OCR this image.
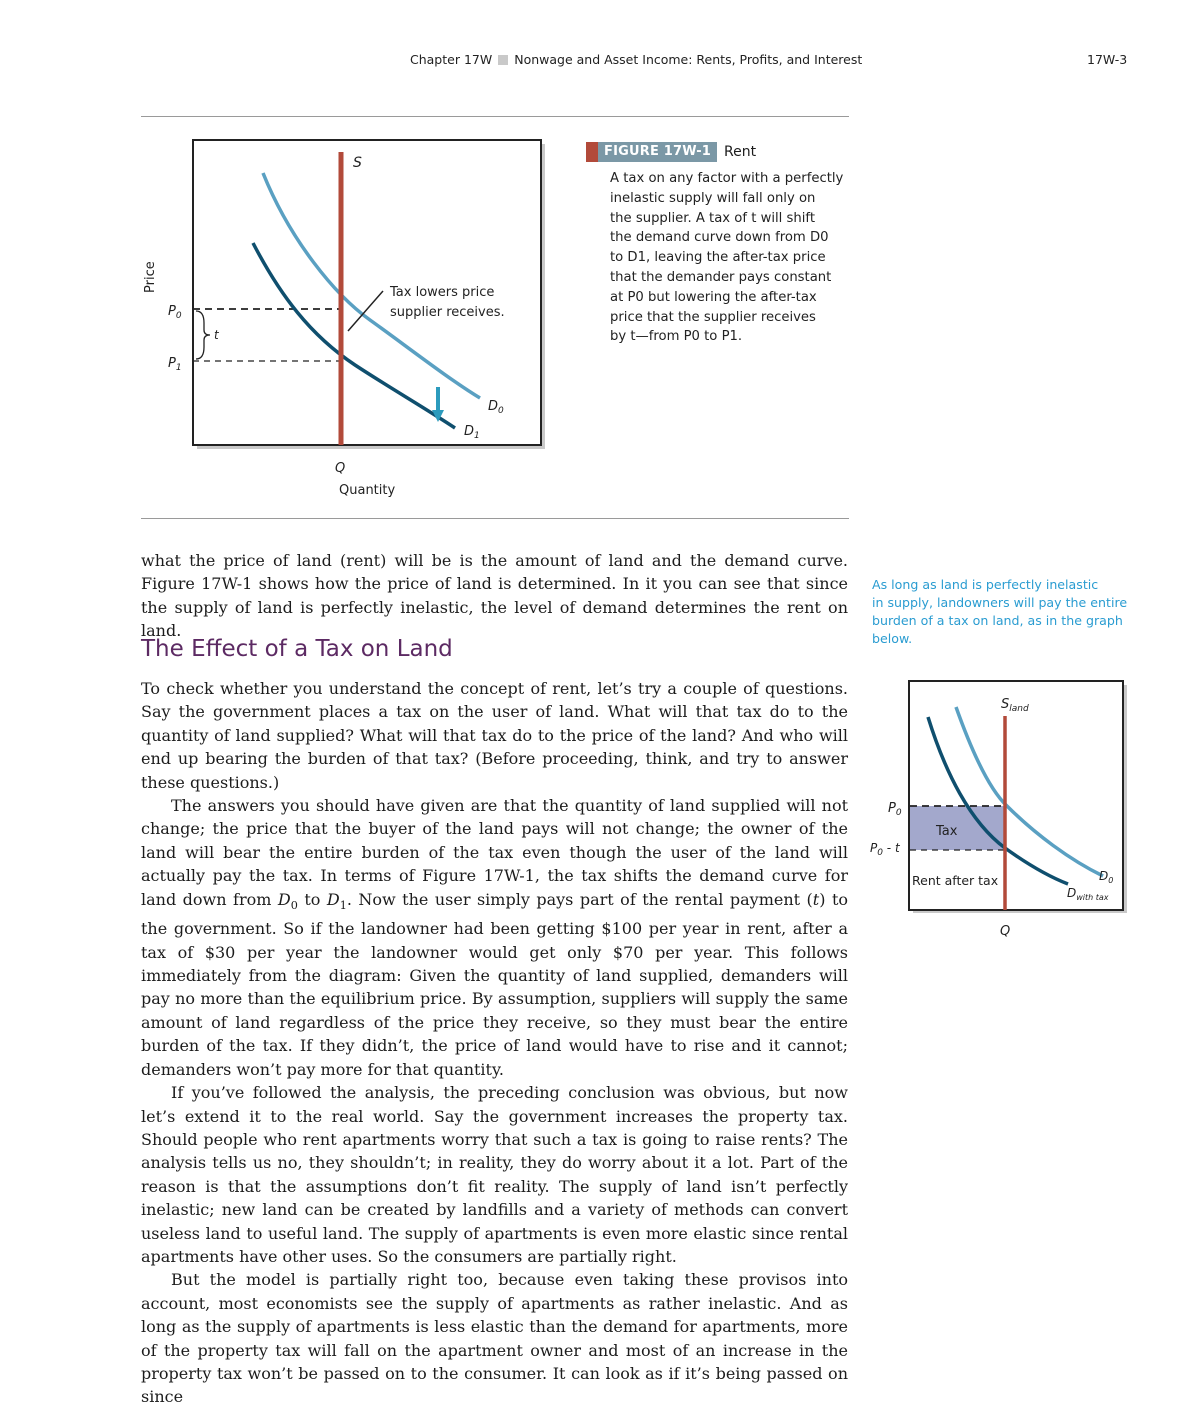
Chapter 17W Nonwage and Asset Income: Rents, Profits, and Interest	17W-3
S
Tax lowers price
supplier receives.
Price
$P_0$
$P_1$
t
$D_0$
$D_1$
Q
Quantity
FIGURE 17W-1 Rent
A tax on any factor with a perfectly
inelastic supply will fall only on
the supplier. A tax of t will shift
the demand curve down from D0
to D1, leaving the after-tax price
that the demander pays constant
at P0 but lowering the after-tax
price that the supplier receives
by t—from P0 to P1.

what the price of land (rent) will be is the amount of land and the demand curve. Figure 17W-1 shows how the price of land is determined. In it you can see that since the supply of land is perfectly inelastic, the level of demand determines the rent on land.

The Effect of a Tax on Land
As long as land is perfectly inelastic
in supply, landowners will pay the entire
burden of a tax on land, as in the graph
below.
$S_{land}$
$P_0$
$P_0$ - t
Tax
Rent after tax	$D_0$
$D_{with tax}$
Q

To check whether you understand the concept of rent, let’s try a couple of questions. Say the government places a tax on the user of land. What will that tax do to the quantity of land supplied? What will that tax do to the price of the land? And who will end up bearing the burden of that tax? (Before proceeding, think, and try to answer these questions.)

The answers you should have given are that the quantity of land supplied will not change; the price that the buyer of the land pays will not change; the owner of the land will bear the entire burden of the tax even though the user of the land will actually pay the tax. In terms of Figure 17W-1, the tax shifts the demand curve for land down from $D_0$ to $D_1$. Now the user simply pays part of the rental payment (t) to the government. So if the landowner had been getting $100 per year in rent, after a tax of $30 per year the landowner would get only $70 per year. This follows immediately from the diagram: Given the quantity of land supplied, demanders will pay no more than the equilibrium price. By assumption, suppliers will supply the same amount of land regardless of the price they receive, so they must bear the entire burden of the tax. If they didn’t, the price of land would have to rise and it cannot; demanders won’t pay more for that quantity.

If you’ve followed the analysis, the preceding conclusion was obvious, but now let’s extend it to the real world. Say the government increases the property tax. Should people who rent apartments worry that such a tax is going to raise rents? The analysis tells us no, they shouldn’t; in reality, they do worry about it a lot. Part of the reason is that the assumptions don’t fit reality. The supply of land isn’t perfectly inelastic; new land can be created by landfills and a variety of methods can convert useless land to useful land. The supply of apartments is even more elastic since rental apartments have other uses. So the consumers are partially right.

But the model is partially right too, because even taking these provisos into account, most economists see the supply of apartments as rather inelastic. And as long as the supply of apartments is less elastic than the demand for apartments, more of the property tax will fall on the apartment owner and most of an increase in the property tax won’t be passed on to the consumer. It can look as if it’s being passed on since
